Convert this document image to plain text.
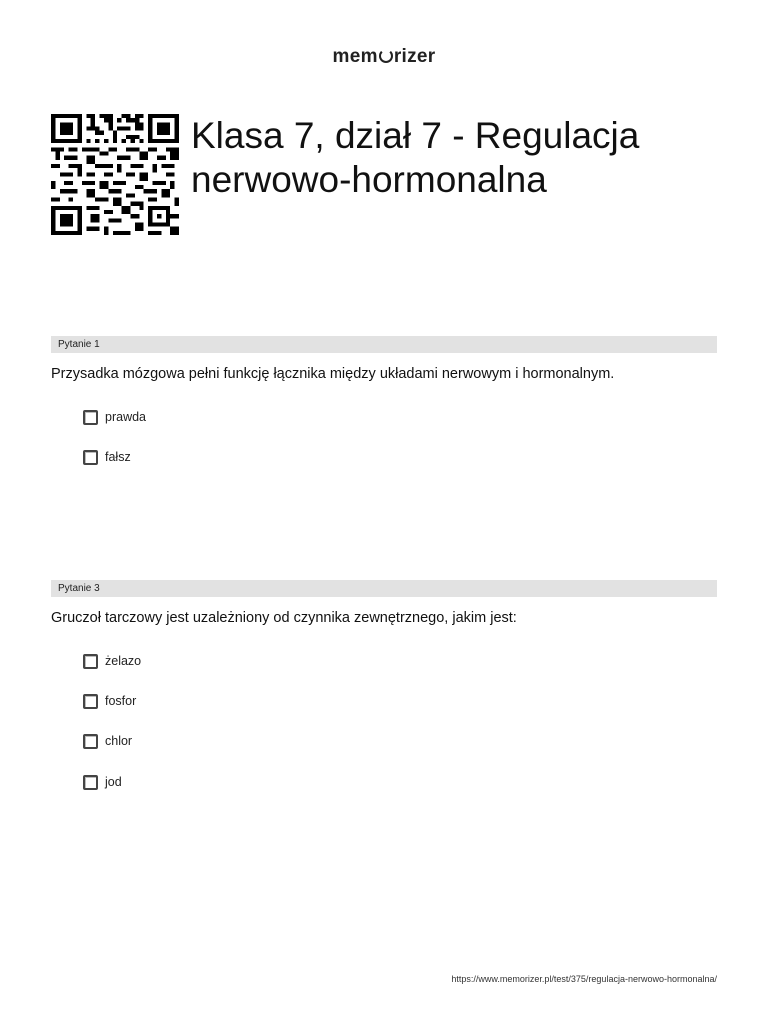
mem rizer
Klasa 7, dział 7 - Regulacja
nerwowo-hormonalna
Pytanie 1
Przysadka mózgowa pełni funkcję łącznika między układami nerwowym i hormonalnym.
prawda
fałsz
Pytanie 3
Gruczoł tarczowy jest uzależniony od czynnika zewnętrznego, jakim jest:
żelazo
fosfor
chlor
jod
https://www.memorizer.pl/test/375/regulacja-nerwowo-hormonalna/
